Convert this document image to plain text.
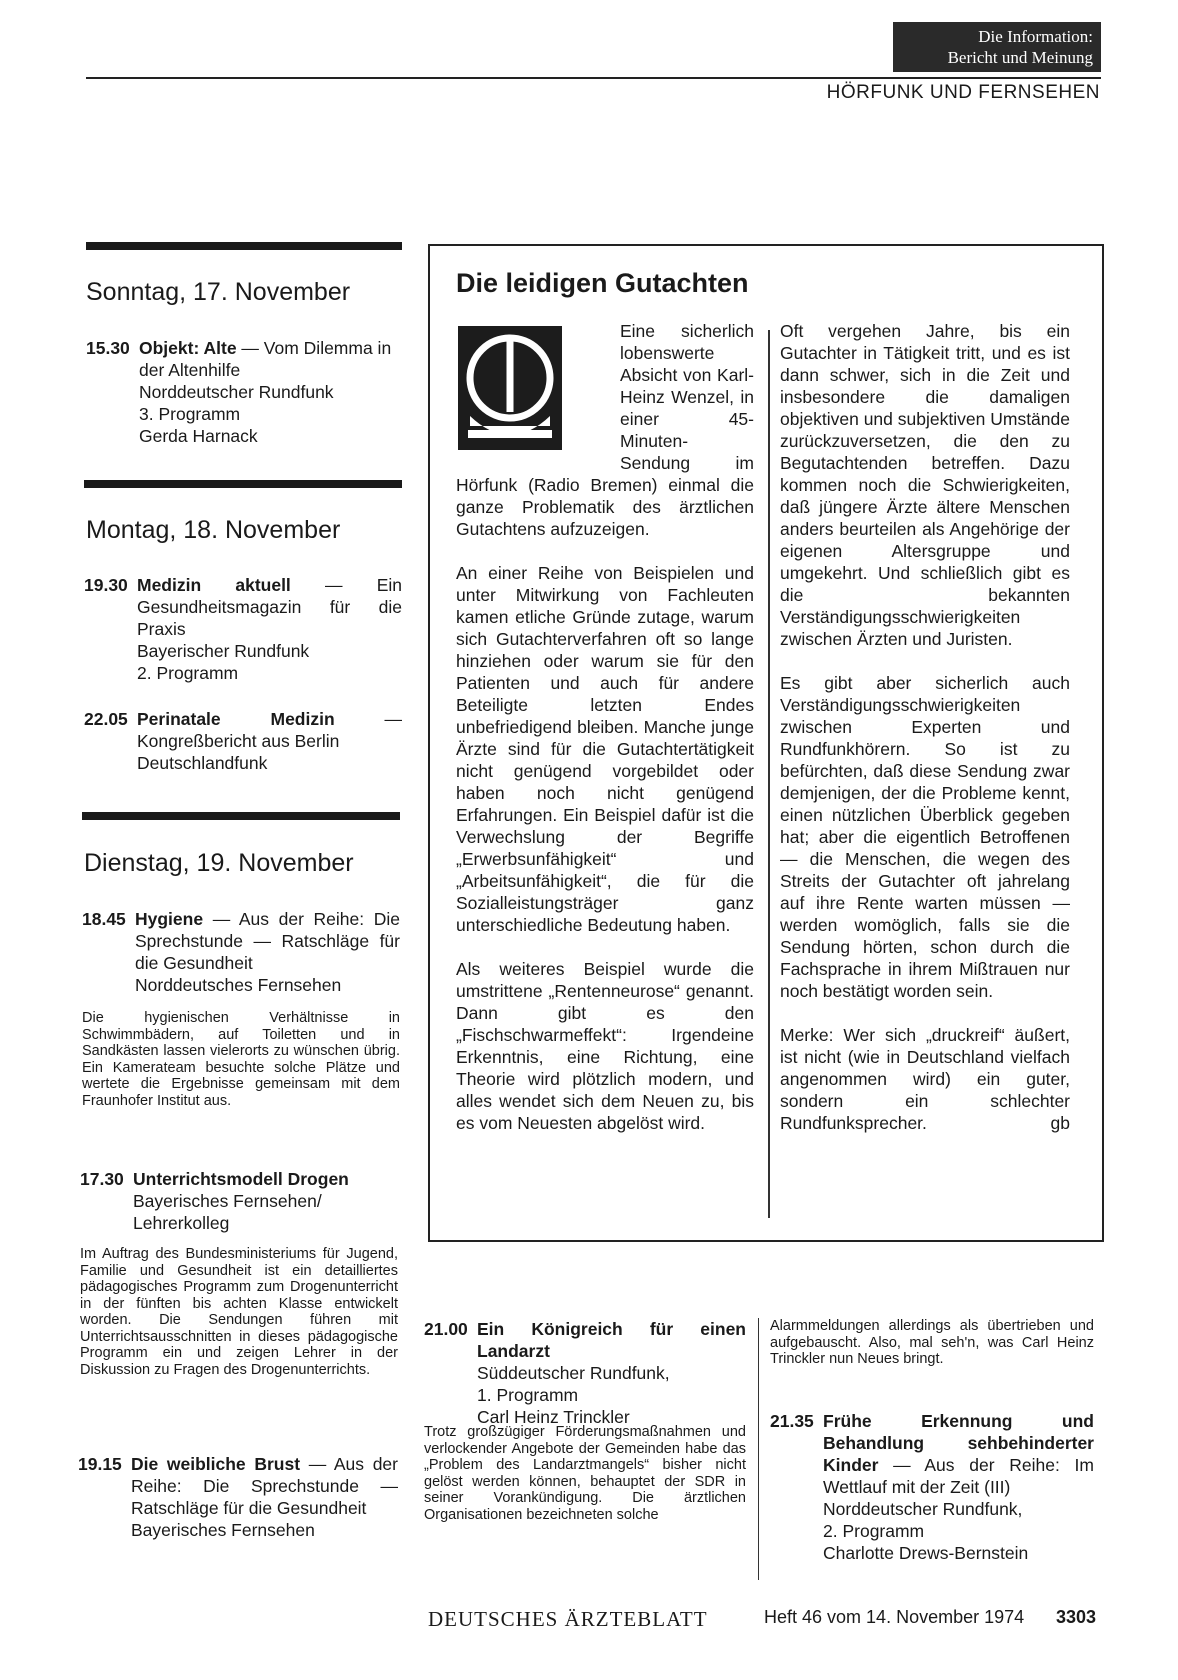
Die Information:
Bericht und Meinung
HÖRFUNK UND FERNSEHEN
Sonntag, 17. November
15.30 Objekt: Alte — Vom Dilemma in der Altenhilfe
Norddeutscher Rundfunk
3. Programm
Gerda Harnack
Montag, 18. November
19.30 Medizin aktuell — Ein Gesundheitsmagazin für die Praxis
Bayerischer Rundfunk
2. Programm
22.05 Perinatale Medizin — Kongreßbericht aus Berlin
Deutschlandfunk
Dienstag, 19. November
18.45 Hygiene — Aus der Reihe: Die Sprechstunde — Ratschläge für die Gesundheit
Norddeutsches Fernsehen
Die hygienischen Verhältnisse in Schwimmbädern, auf Toiletten und in Sandkästen lassen vielerorts zu wünschen übrig. Ein Kamerateam besuchte solche Plätze und wertete die Ergebnisse gemeinsam mit dem Fraunhofer Institut aus.
17.30 Unterrichtsmodell Drogen
Bayerisches Fernsehen/
Lehrerkolleg
Im Auftrag des Bundesministeriums für Jugend, Familie und Gesundheit ist ein detailliertes pädagogisches Programm zum Drogenunterricht in der fünften bis achten Klasse entwickelt worden. Die Sendungen führen mit Unterrichtsausschnitten in dieses pädagogische Programm ein und zeigen Lehrer in der Diskussion zu Fragen des Drogenunterrichts.
19.15 Die weibliche Brust — Aus der Reihe: Die Sprechstunde — Ratschläge für die Gesundheit
Bayerisches Fernsehen
Die leidigen Gutachten

Eine sicherlich lobenswerte Absicht von Karl-Heinz Wenzel, in einer 45-Minuten-Sendung im Hörfunk (Radio Bremen) einmal die ganze Problematik des ärztlichen Gutachtens aufzuzeigen.

An einer Reihe von Beispielen und unter Mitwirkung von Fachleuten kamen etliche Gründe zutage, warum sich Gutachterverfahren oft so lange hinziehen oder warum sie für den Patienten und auch für andere Beteiligte letzten Endes unbefriedigend bleiben. Manche junge Ärzte sind für die Gutachtertätigkeit nicht genügend vorgebildet oder haben noch nicht genügend Erfahrungen. Ein Beispiel dafür ist die Verwechslung der Begriffe „Erwerbsunfähigkeit“ und „Arbeitsunfähigkeit“, die für die Sozialleistungsträger ganz unterschiedliche Bedeutung haben.

Als weiteres Beispiel wurde die umstrittene „Rentenneurose“ genannt. Dann gibt es den „Fischschwarmeffekt“: Irgendeine Erkenntnis, eine Richtung, eine Theorie wird plötzlich modern, und alles wendet sich dem Neuen zu, bis es vom Neuesten abgelöst wird.

Oft vergehen Jahre, bis ein Gutachter in Tätigkeit tritt, und es ist dann schwer, sich in die Zeit und insbesondere die damaligen objektiven und subjektiven Umstände zurückzuversetzen, die den zu Begutachtenden betreffen. Dazu kommen noch die Schwierigkeiten, daß jüngere Ärzte ältere Menschen anders beurteilen als Angehörige der eigenen Altersgruppe und umgekehrt. Und schließlich gibt es die bekannten Verständigungsschwierigkeiten zwischen Ärzten und Juristen.

Es gibt aber sicherlich auch Verständigungsschwierigkeiten zwischen Experten und Rundfunkhörern. So ist zu befürchten, daß diese Sendung zwar demjenigen, der die Probleme kennt, einen nützlichen Überblick gegeben hat; aber die eigentlich Betroffenen — die Menschen, die wegen des Streits der Gutachter oft jahrelang auf ihre Rente warten müssen — werden womöglich, falls sie die Sendung hörten, schon durch die Fachsprache in ihrem Mißtrauen nur noch bestätigt worden sein.

Merke: Wer sich „druckreif“ äußert, ist nicht (wie in Deutschland vielfach angenommen wird) ein guter, sondern ein schlechter Rundfunksprecher.	gb

21.00 Ein Königreich für einen Landarzt
Süddeutscher Rundfunk,
1. Programm
Carl Heinz Trinckler
Trotz großzügiger Förderungsmaßnahmen und verlockender Angebote der Gemeinden habe das „Problem des Landarztmangels“ bisher nicht gelöst werden können, behauptet der SDR in seiner Vorankündigung. Die ärztlichen Organisationen bezeichneten solche
Alarmmeldungen allerdings als übertrieben und aufgebauscht. Also, mal seh'n, was Carl Heinz Trinckler nun Neues bringt.
21.35 Frühe Erkennung und Behandlung sehbehinderter Kinder — Aus der Reihe: Im Wettlauf mit der Zeit (III)
Norddeutscher Rundfunk,
2. Programm
Charlotte Drews-Bernstein
DEUTSCHES ÄRZTEBLATT	Heft 46 vom 14. November 1974 3303
